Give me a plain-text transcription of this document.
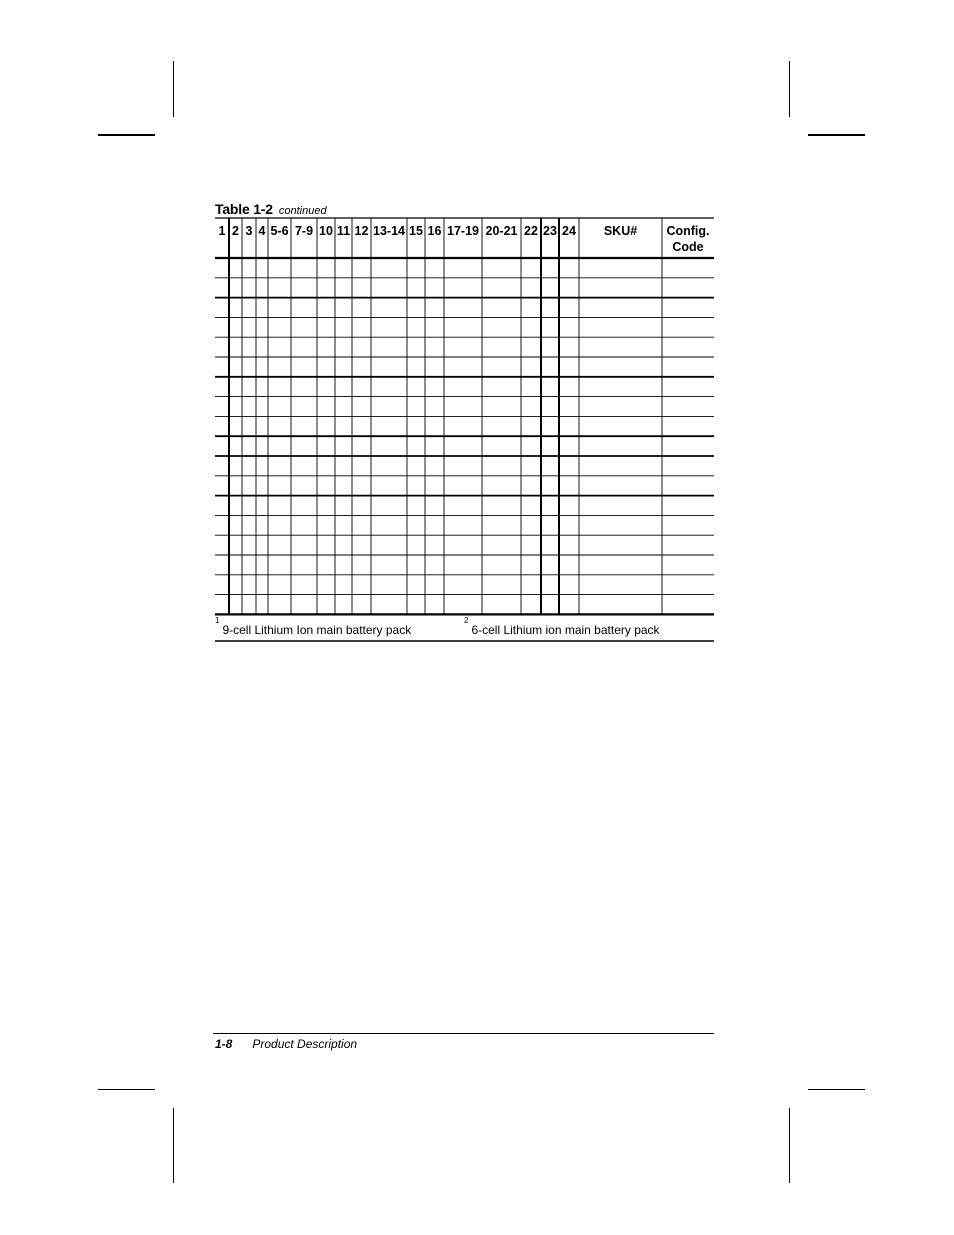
Table 1-2 continued
1 2 3 4 5-6 7-9 10 11 12 13-14 15 16 17-19 20-21 22 23 24 SKU# Config. Code
$^1$9-cell Lithium Ion main battery pack
$^2$6-cell Lithium ion main battery pack
1-8 Product Description
